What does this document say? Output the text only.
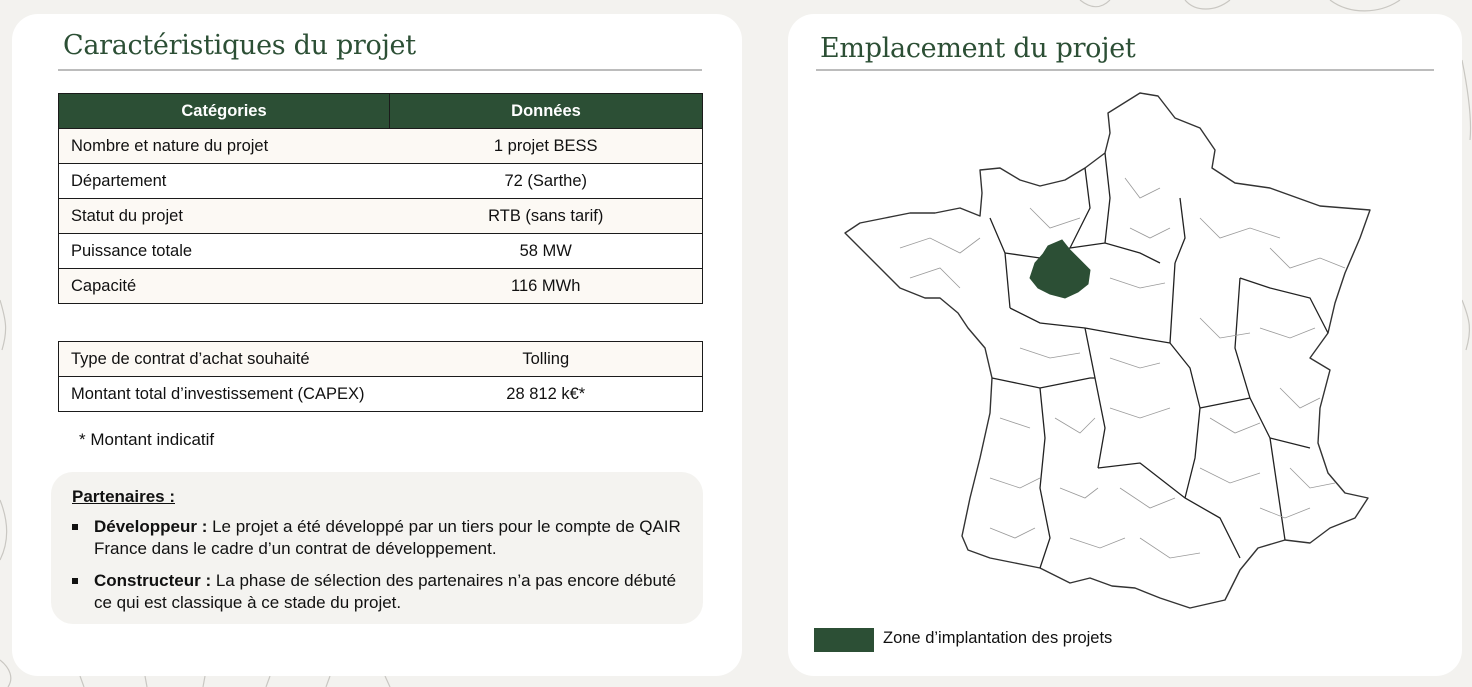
Caractéristiques du projet
Catégories	Données
Nombre et nature du projet	1 projet BESS
Département	72 (Sarthe)
Statut du projet	RTB (sans tarif)
Puissance totale	58 MW
Capacité	116 MWh
Type de contrat d’achat souhaité	Tolling
Montant total d’investissement (CAPEX)	28 812 k€*
* Montant indicatif
Partenaires :
Développeur : Le projet a été développé par un tiers pour le compte de QAIR France dans le cadre d’un contrat de développement.
Constructeur : La phase de sélection des partenaires n’a pas encore débuté ce qui est classique à ce stade du projet.
Emplacement du projet
Zone d’implantation des projets
